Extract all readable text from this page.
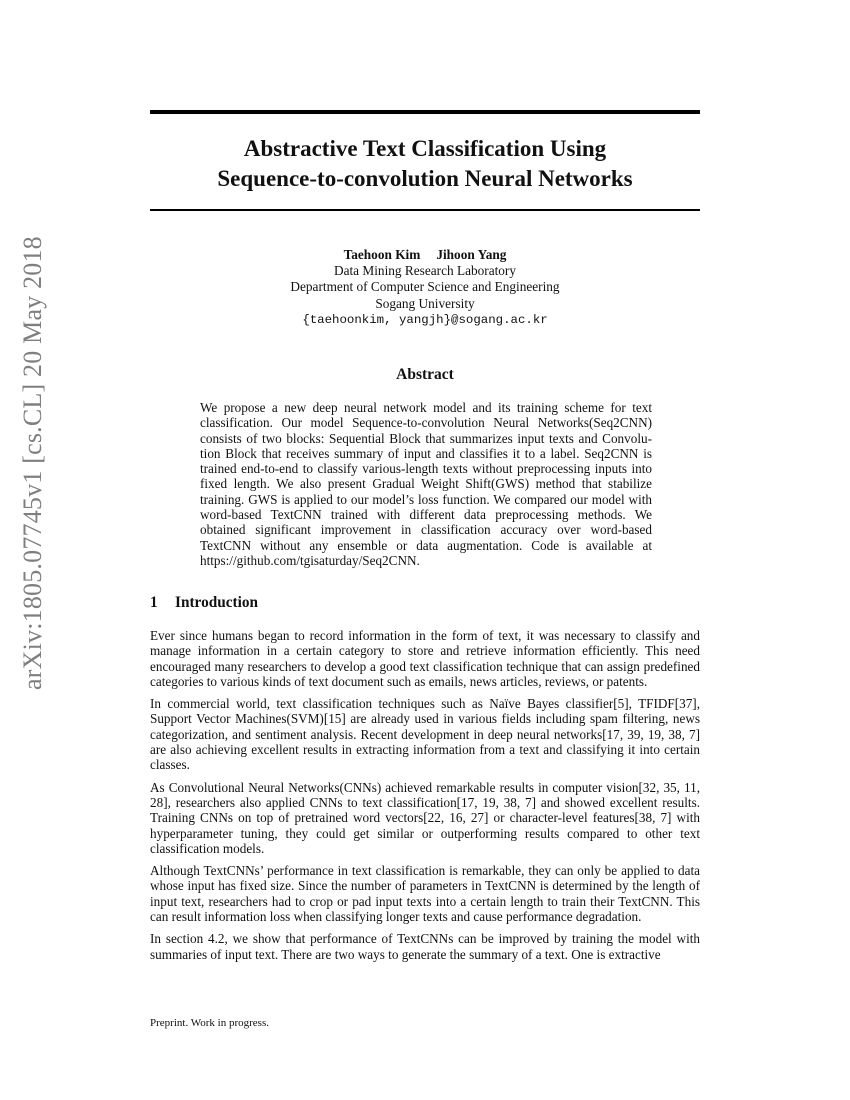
arXiv:1805.07745v1 [cs.CL] 20 May 2018
Abstractive Text Classification Using
Sequence-to-convolution Neural Networks
Taehoon Kim Jihoon Yang
Data Mining Research Laboratory
Department of Computer Science and Engineering
Sogang University
{taehoonkim, yangjh}@sogang.ac.kr
Abstract
We propose a new deep neural network model and its training scheme for text classification. Our model Sequence-to-convolution Neural Networks(Seq2CNN) consists of two blocks: Sequential Block that summarizes input texts and Convolution Block that receives summary of input and classifies it to a label. Seq2CNN is trained end-to-end to classify various-length texts without preprocessing inputs into fixed length. We also present Gradual Weight Shift(GWS) method that stabilize training. GWS is applied to our model’s loss function. We compared our model with word-based TextCNN trained with different data preprocessing methods. We obtained significant improvement in classification accuracy over word-based TextCNN without any ensemble or data augmentation. Code is available at https://github.com/tgisaturday/Seq2CNN.
1 Introduction

Ever since humans began to record information in the form of text, it was necessary to classify and manage information in a certain category to store and retrieve information efficiently. This need encouraged many researchers to develop a good text classification technique that can assign predefined categories to various kinds of text document such as emails, news articles, reviews, or patents.

In commercial world, text classification techniques such as Naïve Bayes classifier[5], TFIDF[37], Support Vector Machines(SVM)[15] are already used in various fields including spam filtering, news categorization, and sentiment analysis. Recent development in deep neural networks[17, 39, 19, 38, 7] are also achieving excellent results in extracting information from a text and classifying it into certain classes.

As Convolutional Neural Networks(CNNs) achieved remarkable results in computer vision[32, 35, 11, 28], researchers also applied CNNs to text classification[17, 19, 38, 7] and showed excellent results. Training CNNs on top of pretrained word vectors[22, 16, 27] or character-level features[38, 7] with hyperparameter tuning, they could get similar or outperforming results compared to other text classification models.

Although TextCNNs’ performance in text classification is remarkable, they can only be applied to data whose input has fixed size. Since the number of parameters in TextCNN is determined by the length of input text, researchers had to crop or pad input texts into a certain length to train their TextCNN. This can result information loss when classifying longer texts and cause performance degradation.

In section 4.2, we show that performance of TextCNNs can be improved by training the model with summaries of input text. There are two ways to generate the summary of a text. One is extractive

Preprint. Work in progress.
